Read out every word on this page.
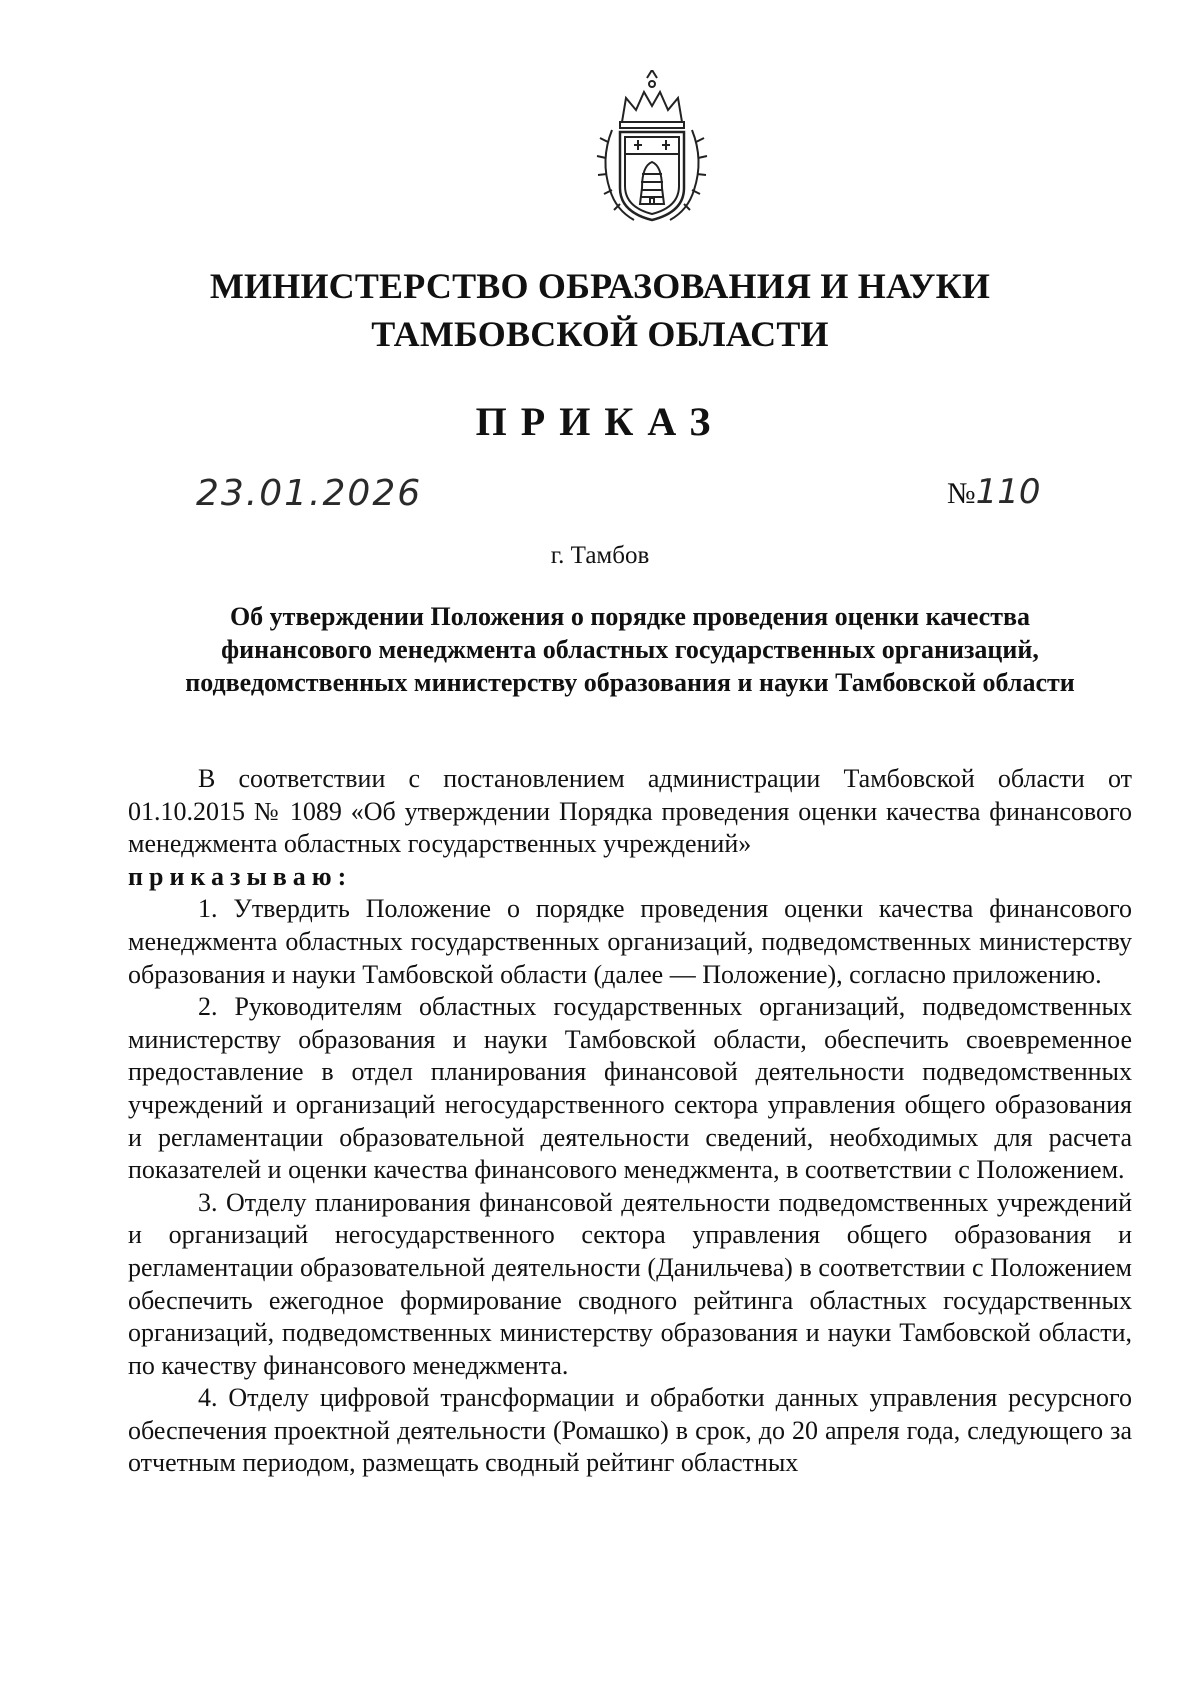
МИНИСТЕРСТВО ОБРАЗОВАНИЯ И НАУКИ
ТАМБОВСКОЙ ОБЛАСТИ
ПРИКАЗ
23.01.2026	№110
г. Тамбов
Об утверждении Положения о порядке проведения оценки качества
финансового менеджмента областных государственных организаций,
подведомственных министерству образования и науки Тамбовской области

В соответствии с постановлением администрации Тамбовской области от 01.10.2015 № 1089 «Об утверждении Порядка проведения оценки качества финансового менеджмента областных государственных учреждений»

приказываю:

1. Утвердить Положение о порядке проведения оценки качества финансового менеджмента областных государственных организаций, подведомственных министерству образования и науки Тамбовской области (далее — Положение), согласно приложению.

2. Руководителям областных государственных организаций, подведомственных министерству образования и науки Тамбовской области, обеспечить своевременное предоставление в отдел планирования финансовой деятельности подведомственных учреждений и организаций негосударственного сектора управления общего образования и регламентации образовательной деятельности сведений, необходимых для расчета показателей и оценки качества финансового менеджмента, в соответствии с Положением.

3. Отделу планирования финансовой деятельности подведомственных учреждений и организаций негосударственного сектора управления общего образования и регламентации образовательной деятельности (Данильчева) в соответствии с Положением обеспечить ежегодное формирование сводного рейтинга областных государственных организаций, подведомственных министерству образования и науки Тамбовской области, по качеству финансового менеджмента.

4. Отделу цифровой трансформации и обработки данных управления ресурсного обеспечения проектной деятельности (Ромашко) в срок, до 20 апреля года, следующего за отчетным периодом, размещать сводный рейтинг областных
